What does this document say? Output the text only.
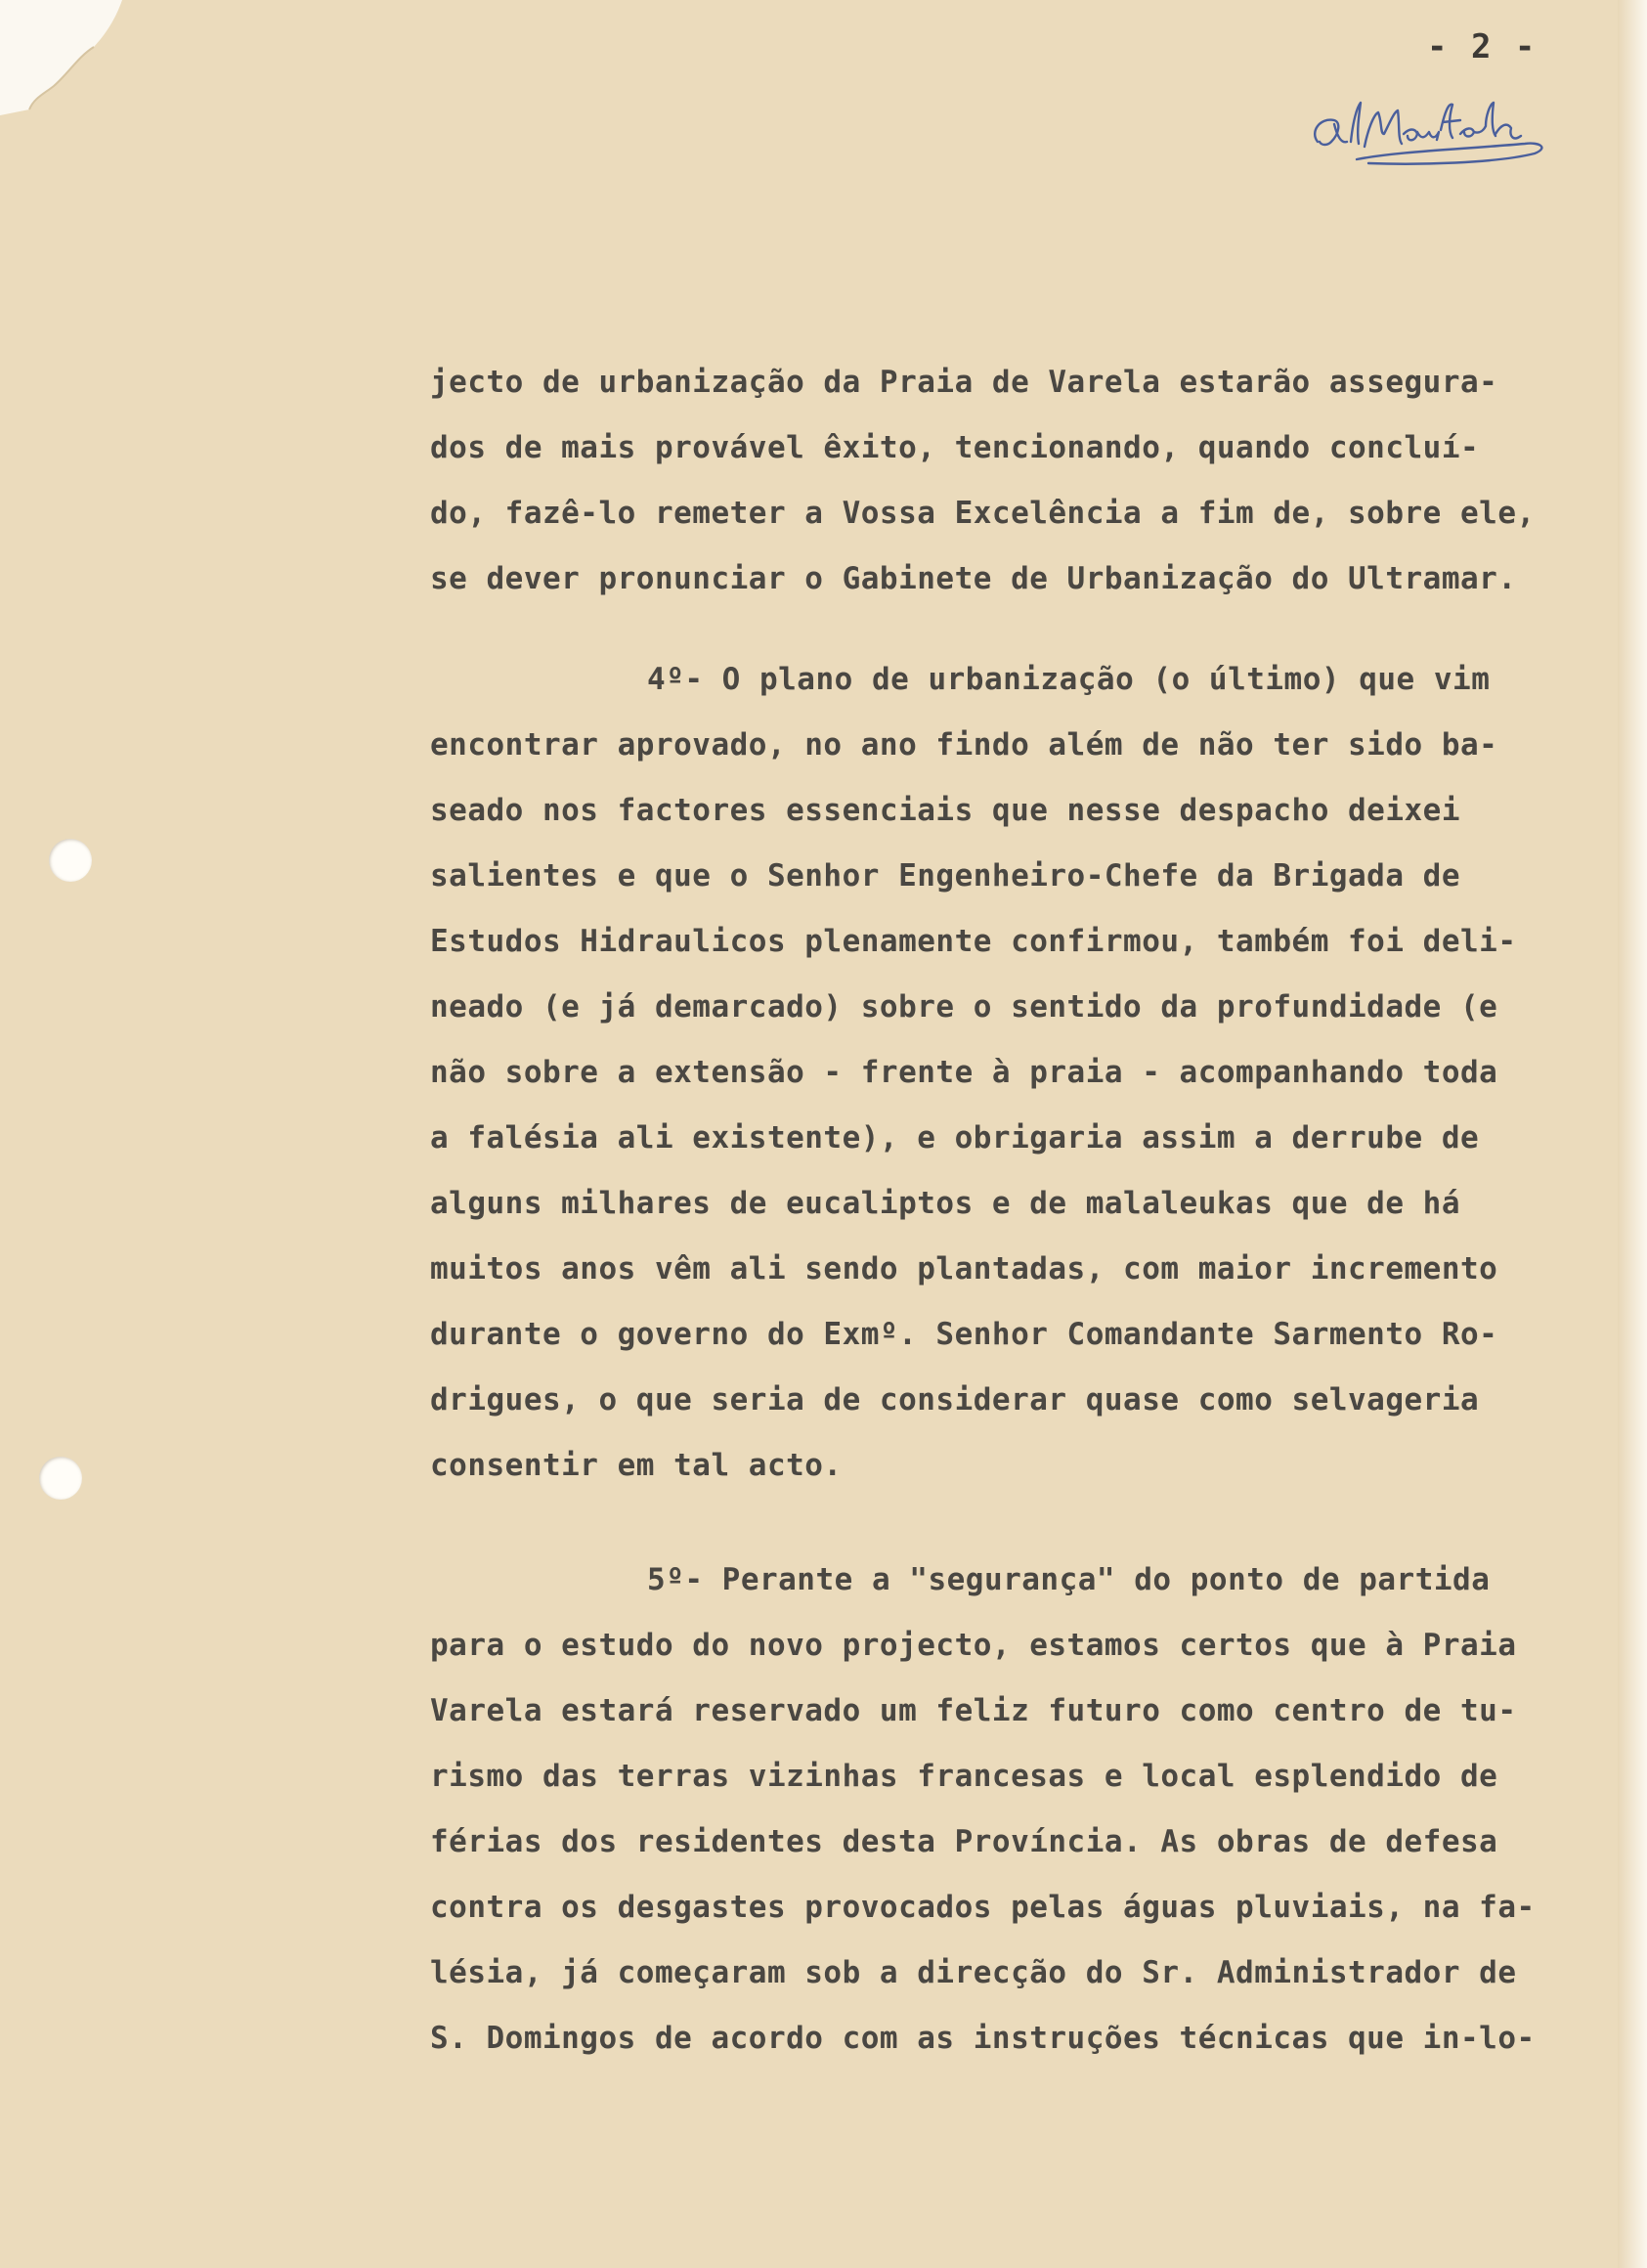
- 2 -
jecto de urbanização da Praia de Varela estarão assegura-
dos de mais provável êxito, tencionando, quando concluí-
do, fazê-lo remeter a Vossa Excelência a fim de, sobre ele,
se dever pronunciar o Gabinete de Urbanização do Ultramar.
4º- O plano de urbanização (o último) que vim
encontrar aprovado, no ano findo além de não ter sido ba-
seado nos factores essenciais que nesse despacho deixei
salientes e que o Senhor Engenheiro-Chefe da Brigada de
Estudos Hidraulicos plenamente confirmou, também foi deli-
neado (e já demarcado) sobre o sentido da profundidade (e
não sobre a extensão - frente à praia - acompanhando toda
a falésia ali existente), e obrigaria assim a derrube de
alguns milhares de eucaliptos e de malaleukas que de há
muitos anos vêm ali sendo plantadas, com maior incremento
durante o governo do Exmº. Senhor Comandante Sarmento Ro-
drigues, o que seria de considerar quase como selvageria
consentir em tal acto.
5º- Perante a "segurança" do ponto de partida
para o estudo do novo projecto, estamos certos que à Praia
Varela estará reservado um feliz futuro como centro de tu-
rismo das terras vizinhas francesas e local esplendido de
férias dos residentes desta Província. As obras de defesa
contra os desgastes provocados pelas águas pluviais, na fa-
lésia, já começaram sob a direcção do Sr. Administrador de
S. Domingos de acordo com as instruções técnicas que in-lo-
